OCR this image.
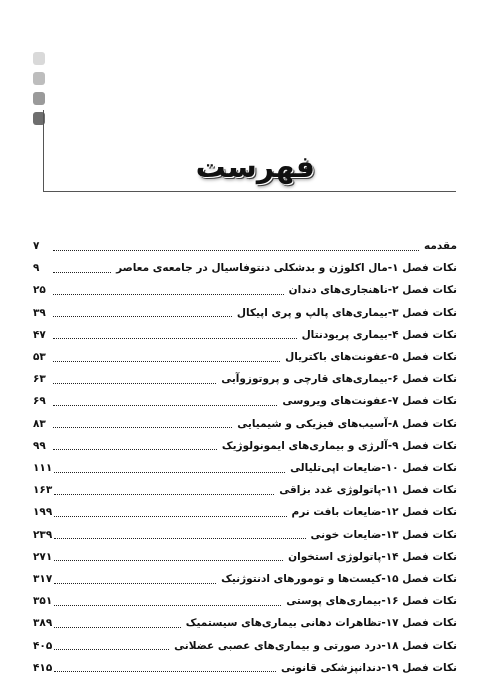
فهرست
مقدمه
۷
نکات فصل ۱-مال اکلوژن و بدشکلی دنتوفاسیال در جامعه‌ی معاصر
۹
نکات فصل ۲-ناهنجاری‌های دندان
۲۵
نکات فصل ۳-بیماری‌های پالپ و پری اپیکال
۳۹
نکات فصل ۴-بیماری پریودنتال
۴۷
نکات فصل ۵-عفونت‌های باکتریال
۵۳
نکات فصل ۶-بیماری‌های قارچی و پروتوزوآیی
۶۳
نکات فصل ۷-عفونت‌های ویروسی
۶۹
نکات فصل ۸-آسیب‌های فیزیکی و شیمیایی
۸۳
نکات فصل ۹-آلرژی و بیماری‌های ایمونولوژیک
۹۹
نکات فصل ۱۰-ضایعات اپی‌تلیالی
۱۱۱
نکات فصل ۱۱-پاتولوژی غدد بزاقی
۱۶۳
نکات فصل ۱۲-ضایعات بافت نرم
۱۹۹
نکات فصل ۱۳-ضایعات خونی
۲۳۹
نکات فصل ۱۴-پاتولوژی استخوان
۲۷۱
نکات فصل ۱۵-کیست‌ها و تومورهای ادنتوژنیک
۳۱۷
نکات فصل ۱۶-بیماری‌های پوستی
۳۵۱
نکات فصل ۱۷-تظاهرات دهانی بیماری‌های سیستمیک
۳۸۹
نکات فصل ۱۸-درد صورتی و بیماری‌های عصبی عضلانی
۴۰۵
نکات فصل ۱۹-دندانپزشکی قانونی
۴۱۵
